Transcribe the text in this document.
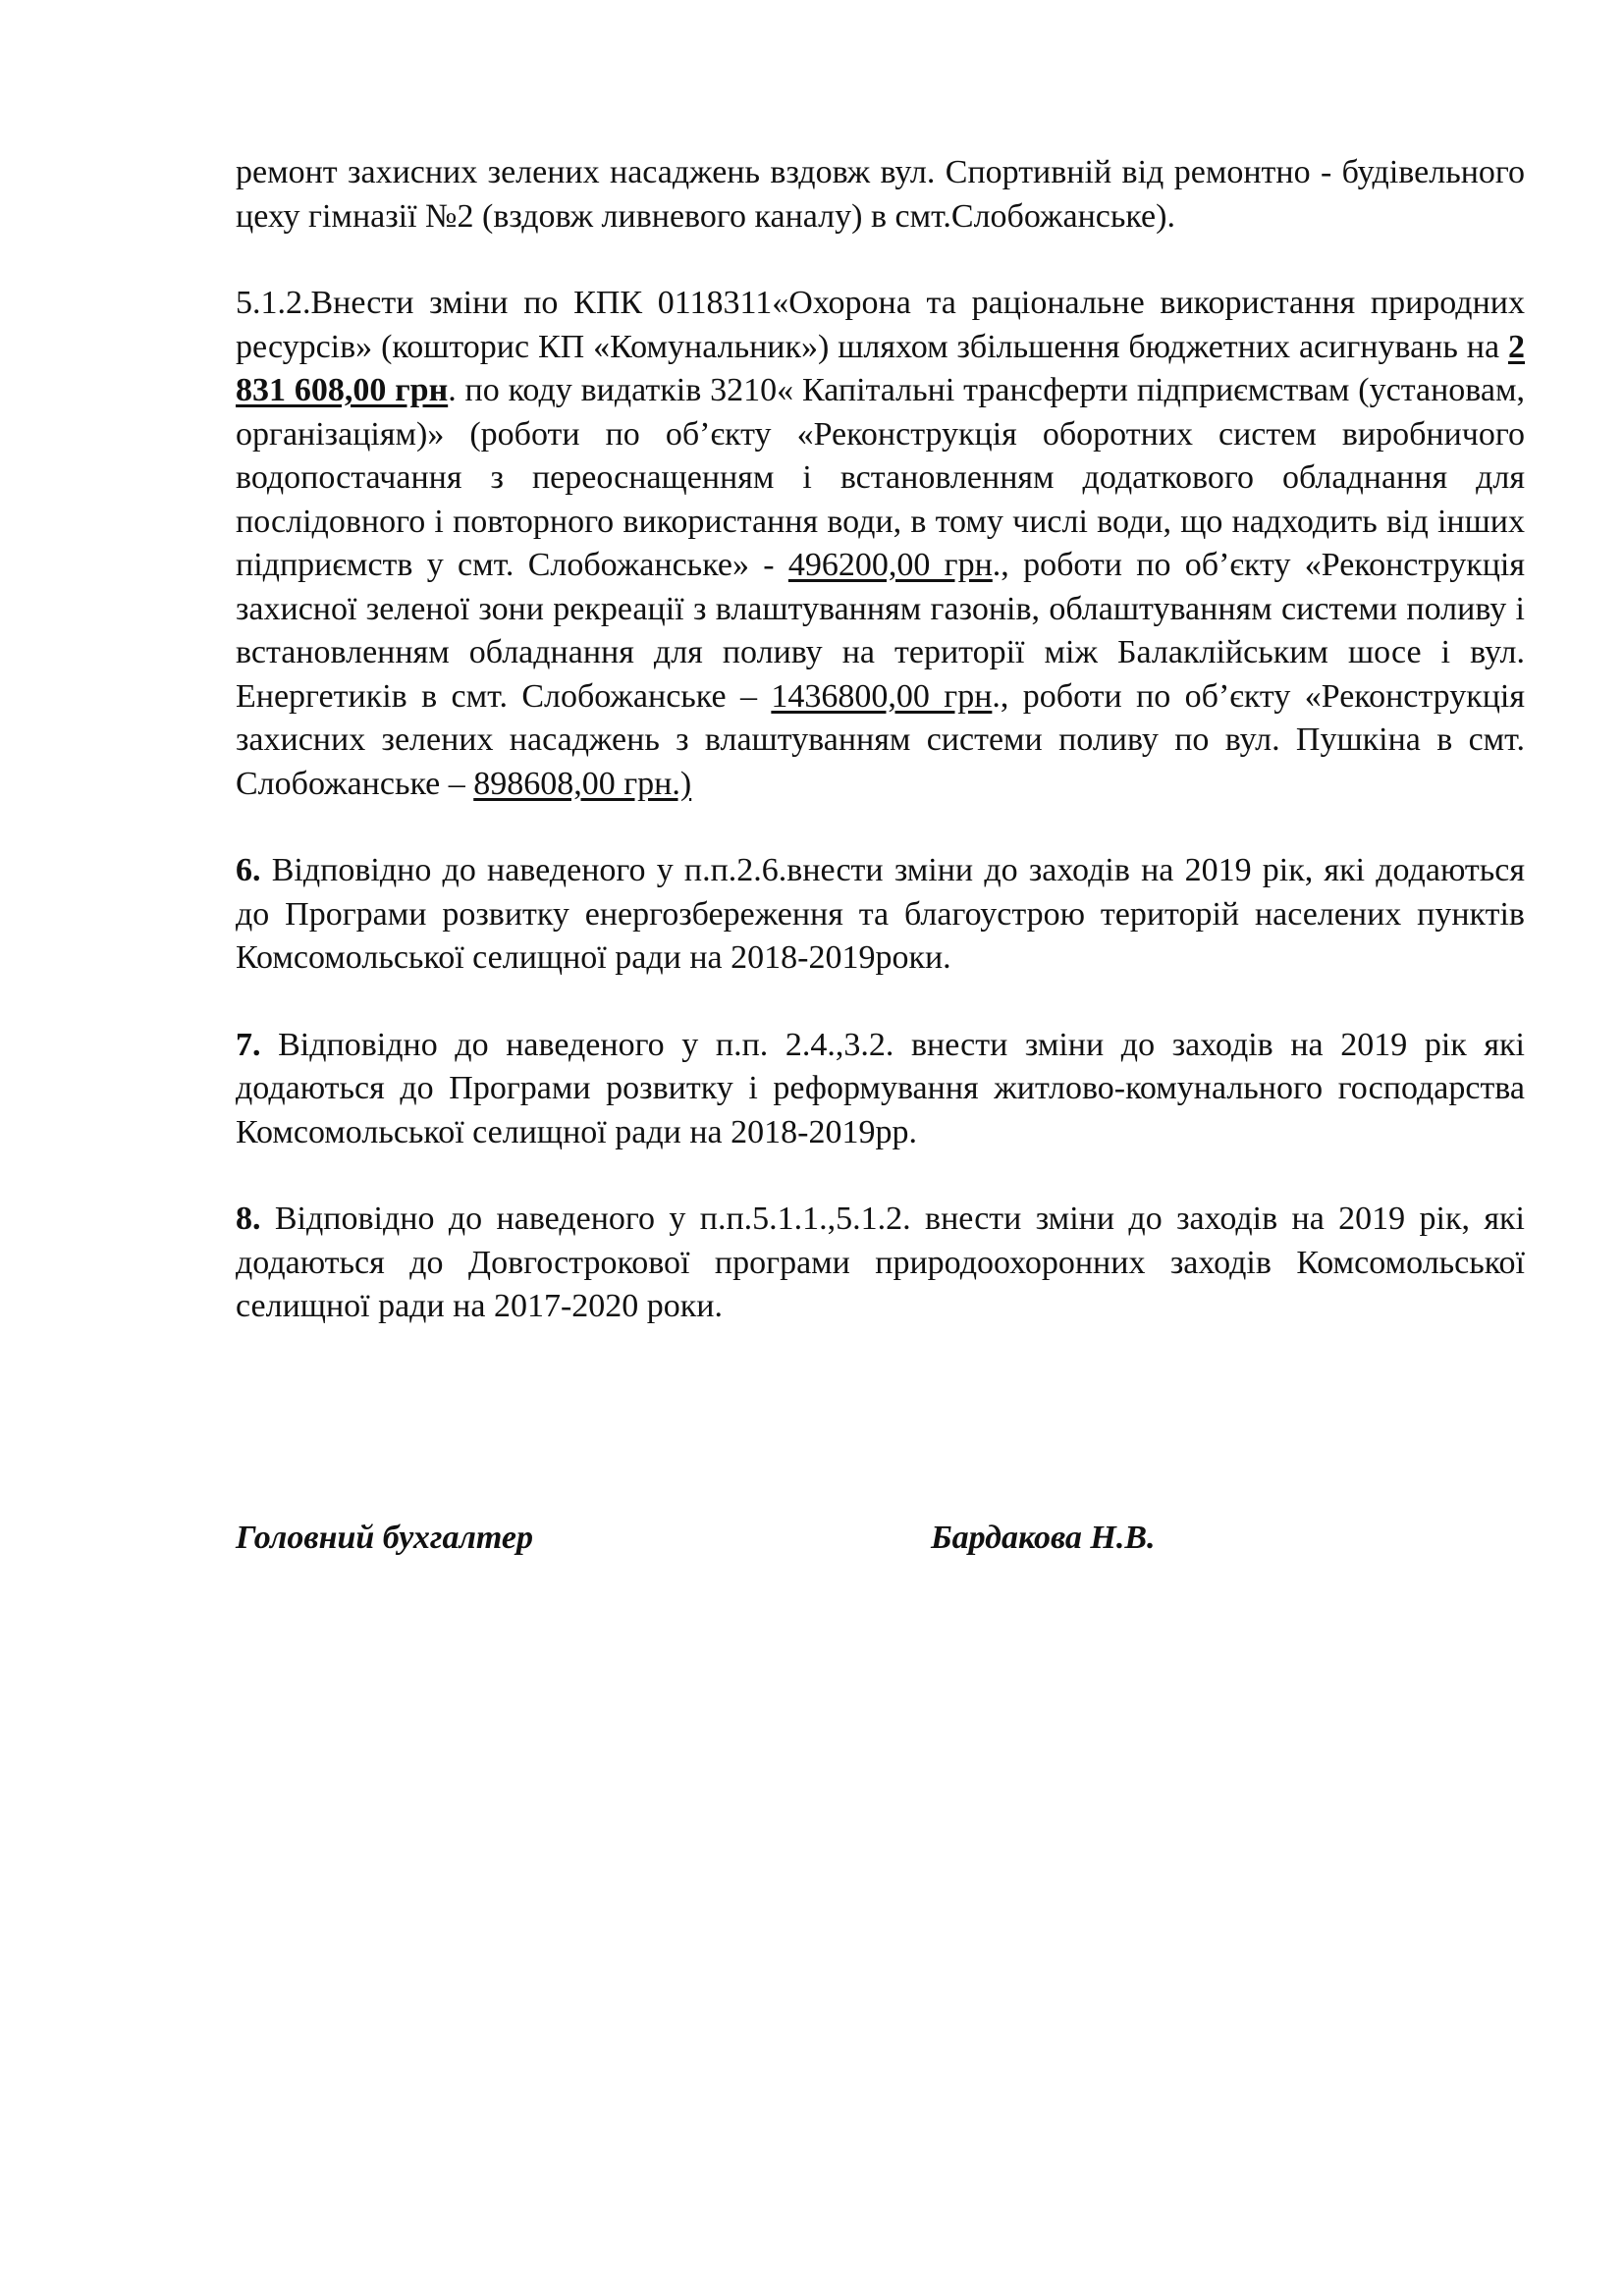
ремонт захисних зелених насаджень вздовж вул. Спортивній від ремонтно - будівельного цеху гімназії №2 (вздовж ливневого каналу) в смт.Слобожанське).

5.1.2.Внести зміни по КПК 0118311«Охорона та раціональне використання природних ресурсів» (кошторис КП «Комунальник») шляхом збільшення бюджетних асигнувань на 2 831 608,00 грн. по коду видатків 3210« Капітальні трансферти підприємствам (установам, організаціям)» (роботи по об’єкту «Реконструкція оборотних систем виробничого водопостачання з переоснащенням і встановленням додаткового обладнання для послідовного і повторного використання води, в тому числі води, що надходить від інших підприємств у смт. Слобожанське» - 496200,00 грн., роботи по об’єкту «Реконструкція захисної зеленої зони рекреації з влаштуванням газонів, облаштуванням системи поливу і встановленням обладнання для поливу на території між Балаклійським шосе і вул. Енергетиків в смт. Слобожанське – 1436800,00 грн., роботи по об’єкту «Реконструкція захисних зелених насаджень з влаштуванням системи поливу по вул. Пушкіна в смт. Слобожанське – 898608,00 грн.)

6. Відповідно до наведеного у п.п.2.6.внести зміни до заходів на 2019 рік, які додаються до Програми розвитку енергозбереження та благоустрою територій населених пунктів Комсомольської селищної ради на 2018-2019роки.

7. Відповідно до наведеного у п.п. 2.4.,3.2. внести зміни до заходів на 2019 рік які додаються до Програми розвитку і реформування житлово-комунального господарства Комсомольської селищної ради на 2018-2019рр.

8. Відповідно до наведеного у п.п.5.1.1.,5.1.2. внести зміни до заходів на 2019 рік, які додаються до Довгострокової програми природоохоронних заходів Комсомольської селищної ради на 2017-2020 роки.

Головний бухгалтер	Бардакова Н.В.
